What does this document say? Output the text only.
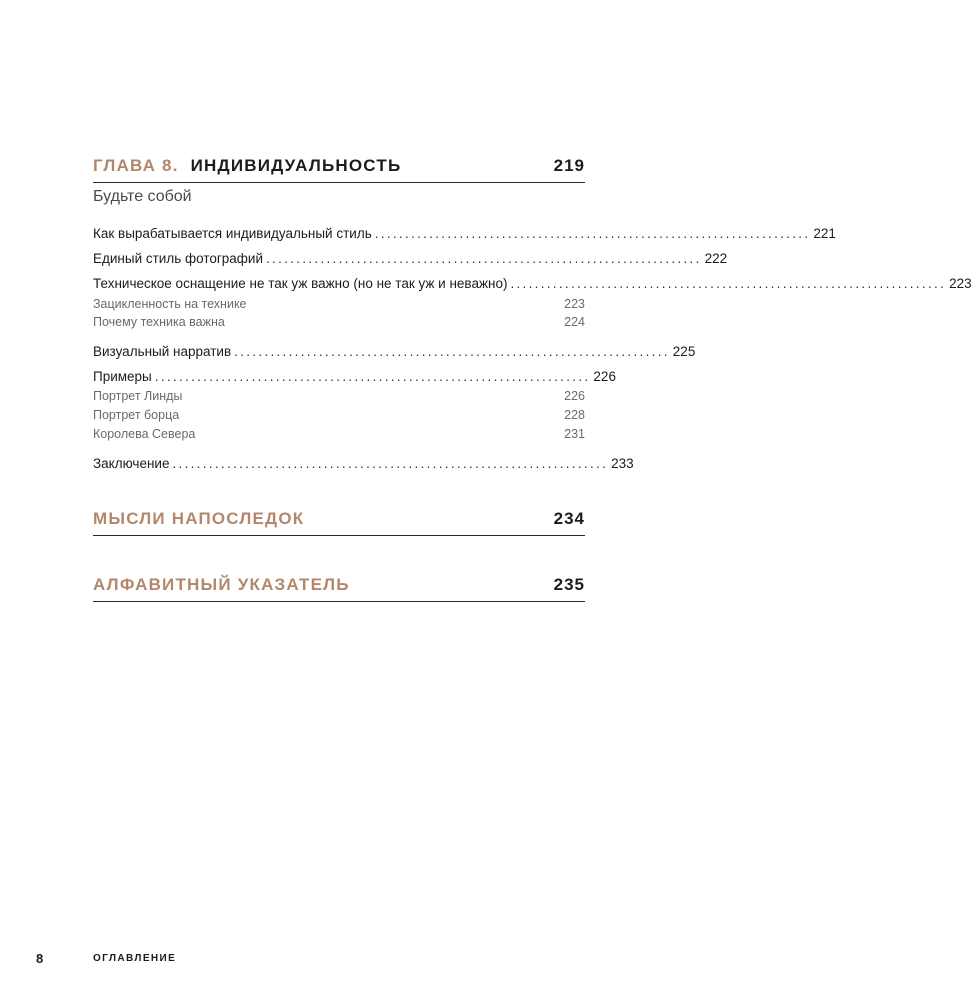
ГЛАВА 8. ИНДИВИДУАЛЬНОСТЬ	219
Будьте собой
Как вырабатывается индивидуальный стиль ........................................................................ 221
Единый стиль фотографий ........................................................................ 222
Техническое оснащение не так уж важно (но не так уж и неважно) ........................................................................ 223
Зацикленность на технике	223
Почему техника важна	224
Визуальный нарратив ........................................................................ 225
Примеры ........................................................................ 226
Портрет Линды	226
Портрет борца	228
Королева Севера	231
Заключение ........................................................................ 233
МЫСЛИ НАПОСЛЕДОК	234
АЛФАВИТНЫЙ УКАЗАТЕЛЬ	235
8	ОГЛАВЛЕНИЕ
